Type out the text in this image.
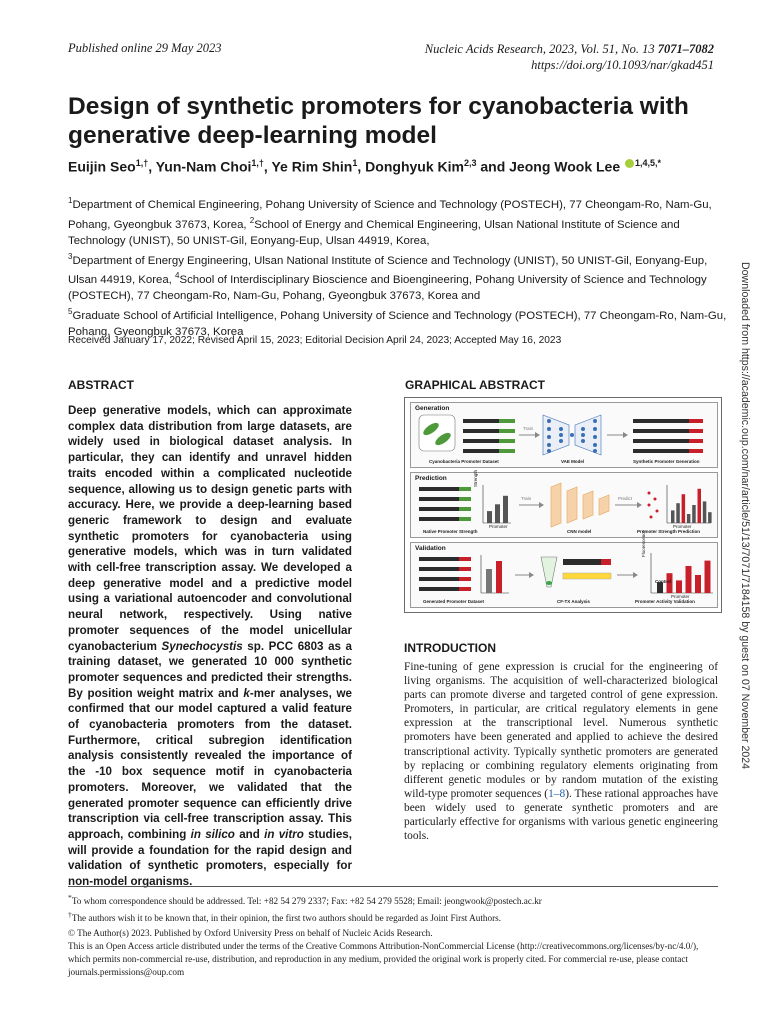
Published online 29 May 2023	Nucleic Acids Research, 2023, Vol. 51, No. 13 7071–7082
https://doi.org/10.1093/nar/gkad451
Design of synthetic promoters for cyanobacteria with generative deep-learning model
Euijin Seo$^{1,\dagger}$, Yun-Nam Choi$^{1,\dagger}$, Ye Rim Shin$^1$, Donghyuk Kim$^{2,3}$ and Jeong Wook Lee $^{1,4,5,*}$
$^1$Department of Chemical Engineering, Pohang University of Science and Technology (POSTECH), 77 Cheongam-Ro, Nam-Gu, Pohang, Gyeongbuk 37673, Korea, $^2$School of Energy and Chemical Engineering, Ulsan National Institute of Science and Technology (UNIST), 50 UNIST-Gil, Eonyang-Eup, Ulsan 44919, Korea,
$^3$Department of Energy Engineering, Ulsan National Institute of Science and Technology (UNIST), 50 UNIST-Gil, Eonyang-Eup, Ulsan 44919, Korea, $^4$School of Interdisciplinary Bioscience and Bioengineering, Pohang University of Science and Technology (POSTECH), 77 Cheongam-Ro, Nam-Gu, Pohang, Gyeongbuk 37673, Korea and
$^5$Graduate School of Artificial Intelligence, Pohang University of Science and Technology (POSTECH), 77 Cheongam-Ro, Nam-Gu, Pohang, Gyeongbuk 37673, Korea
Received January 17, 2022; Revised April 15, 2023; Editorial Decision April 24, 2023; Accepted May 16, 2023
ABSTRACT

Deep generative models, which can approximate complex data distribution from large datasets, are widely used in biological dataset analysis. In particular, they can identify and unravel hidden traits encoded within a complicated nucleotide sequence, allowing us to design genetic parts with accuracy. Here, we provide a deep-learning based generic framework to design and evaluate synthetic promoters for cyanobacteria using generative models, which was in turn validated with cell-free transcription assay. We developed a deep generative model and a predictive model using a variational autoencoder and convolutional neural network, respectively. Using native promoter sequences of the model unicellular cyanobacterium Synechocystis sp. PCC 6803 as a training dataset, we generated 10 000 synthetic promoter sequences and predicted their strengths. By position weight matrix and k-mer analyses, we confirmed that our model captured a valid feature of cyanobacteria promoters from the dataset. Furthermore, critical subregion identification analysis consistently revealed the importance of the -10 box sequence motif in cyanobacteria promoters. Moreover, we validated that the generated promoter sequence can efficiently drive transcription via cell-free transcription assay. This approach, combining in silico and in vitro studies, will provide a foundation for the rapid design and validation of synthetic promoters, especially for non-model organisms.

GRAPHICAL ABSTRACT
Generation
Train
Cyanobacteria Promoter Dataset	VAE Model	Synthetic Promoter Generation
Prediction
Train	Predict
Strength
Promoter	Promoter
Native Promoter Strength	CNN model	Promoter Strength Prediction
Validation	Fluorescence
Control
Promoter
Generated Promoter Dataset	CF-TX Analysis	Promoter Activity Validation
INTRODUCTION

Fine-tuning of gene expression is crucial for the engineering of living organisms. The acquisition of well-characterized biological parts can promote diverse and targeted control of gene expression. Promoters, in particular, are critical regulatory elements in gene expression at the transcriptional level. Numerous synthetic promoters have been generated and applied to achieve the desired transcriptional activity. Typically synthetic promoters are generated by replacing or combining regulatory elements originating from different genetic modules or by random mutation of the existing wild-type promoter sequences (1–8). These rational approaches have been widely used to generate synthetic promoters and are particularly effective for organisms with various genetic engineering tools.

*To whom correspondence should be addressed. Tel: +82 54 279 2337; Fax: +82 54 279 5528; Email: jeongwook@postech.ac.kr
†The authors wish it to be known that, in their opinion, the first two authors should be regarded as Joint First Authors.

© The Author(s) 2023. Published by Oxford University Press on behalf of Nucleic Acids Research.

This is an Open Access article distributed under the terms of the Creative Commons Attribution-NonCommercial License (http://creativecommons.org/licenses/by-nc/4.0/), which permits non-commercial re-use, distribution, and reproduction in any medium, provided the original work is properly cited. For commercial re-use, please contact journals.permissions@oup.com

Downloaded from https://academic.oup.com/nar/article/51/13/7071/7184158 by guest on 07 November 2024
